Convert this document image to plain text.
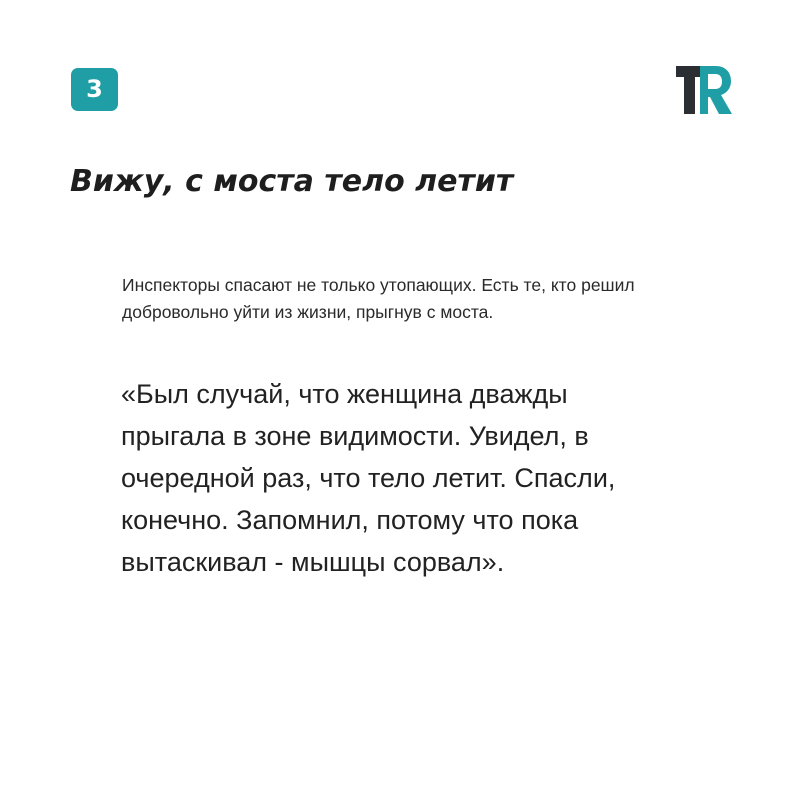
3
Вижу, с моста тело летит

Инспекторы спасают не только утопающих. Есть те, кто решил добровольно уйти из жизни, прыгнув с моста.

«Был случай, что женщина дважды
прыгала в зоне видимости. Увидел, в
очередной раз, что тело летит. Спасли,
конечно. Запомнил, потому что пока
вытаскивал - мышцы сорвал».
